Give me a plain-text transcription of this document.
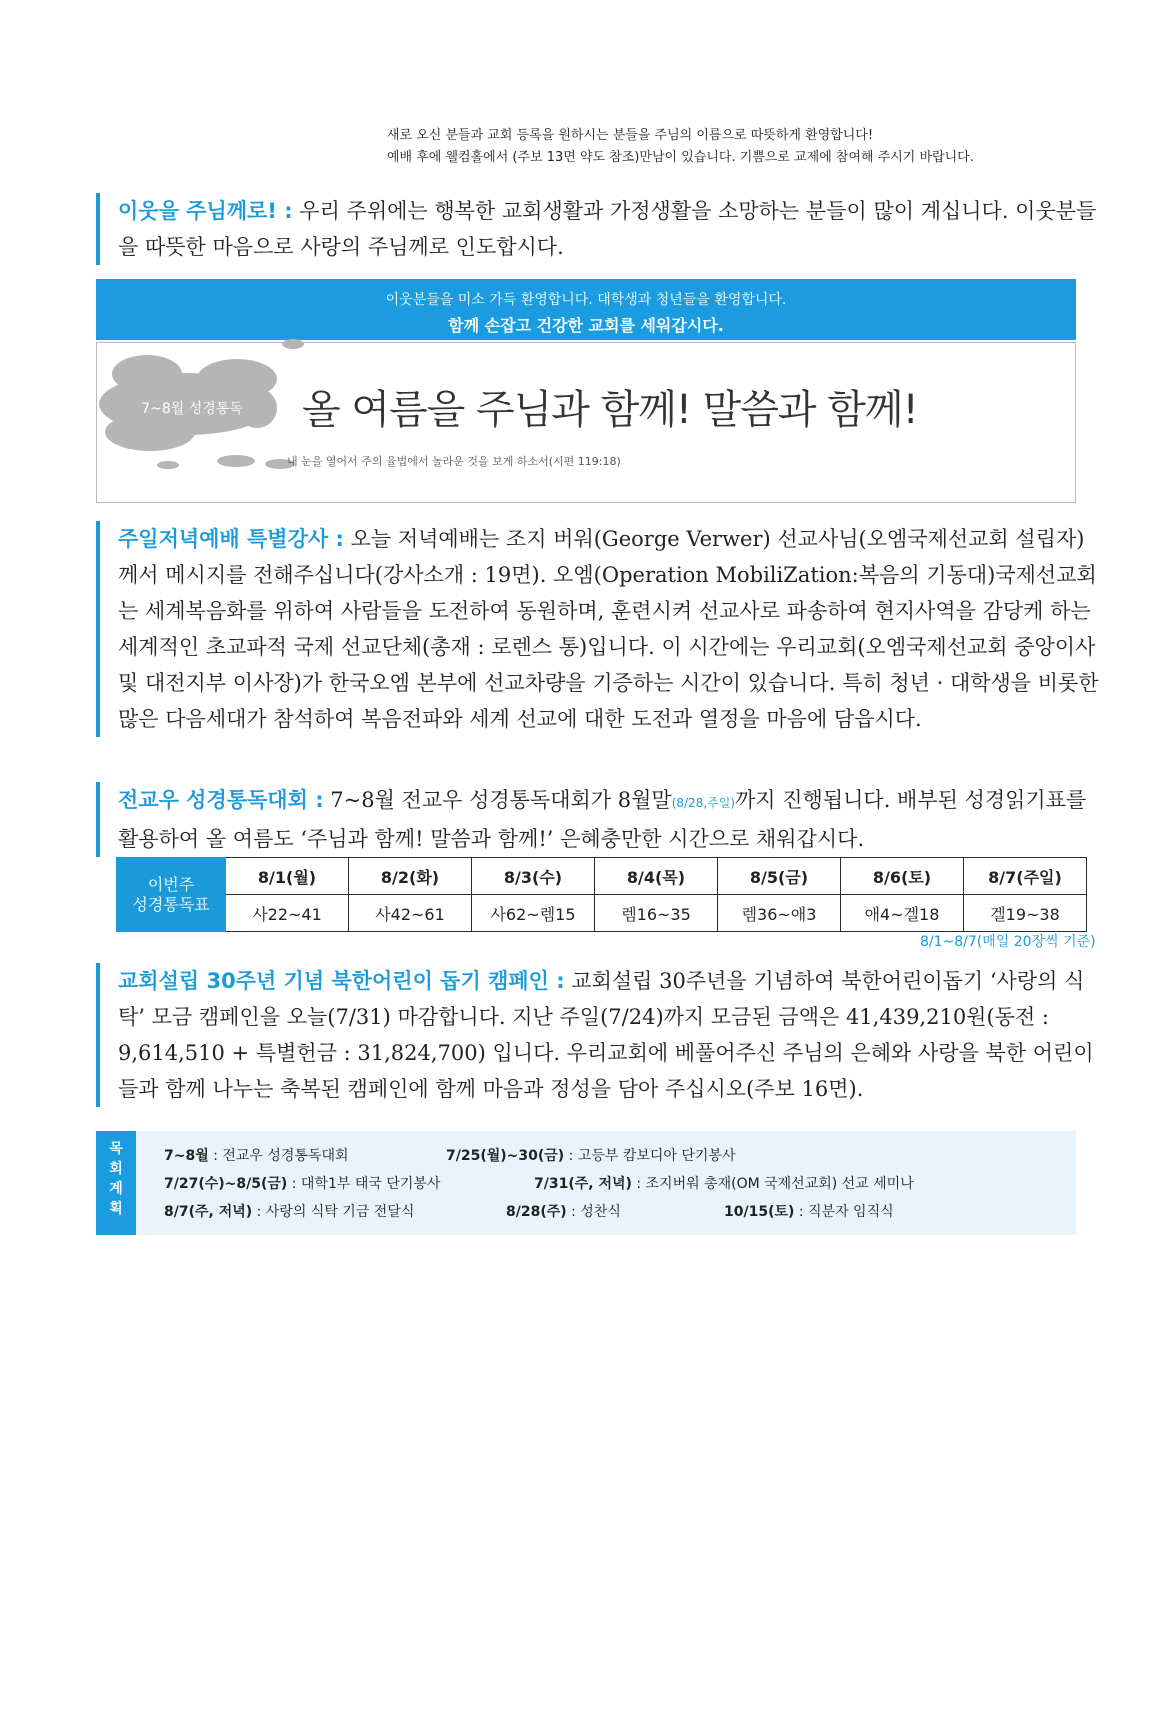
새로 오신 분들과 교회 등록을 원하시는 분들을 주님의 이름으로 따뜻하게 환영합니다!
예배 후에 웰컴홀에서 (주보 13면 약도 참조)만남이 있습니다. 기쁨으로 교제에 참여해 주시기 바랍니다.
이웃을 주님께로! : 우리 주위에는 행복한 교회생활과 가정생활을 소망하는 분들이 많이 계십니다. 이웃분들을 따뜻한 마음으로 사랑의 주님께로 인도합시다.
이웃분들을 미소 가득 환영합니다. 대학생과 청년들을 환영합니다.
함께 손잡고 건강한 교회를 세워갑시다.
7~8월 성경통독	올 여름을 주님과 함께! 말씀과 함께!
내 눈을 열어서 주의 율법에서 놀라운 것을 보게 하소서(시편 119:18)
주일저녁예배 특별강사 : 오늘 저녁예배는 조지 버워(George Verwer) 선교사님(오엠국제선교회 설립자)께서 메시지를 전해주십니다(강사소개 : 19면). 오엠(Operation MobiliZation:복음의 기동대)국제선교회는 세계복음화를 위하여 사람들을 도전하여 동원하며, 훈련시켜 선교사로 파송하여 현지사역을 감당케 하는 세계적인 초교파적 국제 선교단체(총재 : 로렌스 통)입니다. 이 시간에는 우리교회(오엠국제선교회 중앙이사 및 대전지부 이사장)가 한국오엠 본부에 선교차량을 기증하는 시간이 있습니다. 특히 청년 · 대학생을 비롯한 많은 다음세대가 참석하여 복음전파와 세계 선교에 대한 도전과 열정을 마음에 담읍시다.
전교우 성경통독대회 : 7~8월 전교우 성경통독대회가 8월말(8/28,주일)까지 진행됩니다. 배부된 성경읽기표를 활용하여 올 여름도 ‘주님과 함께! 말씀과 함께!’ 은혜충만한 시간으로 채워갑시다.
이번주
성경통독표	8/1(월)	8/2(화)	8/3(수)	8/4(목)	8/5(금)	8/6(토)	8/7(주일)
	사22~41	사42~61	사62~렘15	렘16~35	렘36~애3	애4~겔18	겔19~38
8/1~8/7(매일 20장씩 기준)
교회설립 30주년 기념 북한어린이 돕기 캠페인 : 교회설립 30주년을 기념하여 북한어린이돕기 ‘사랑의 식탁’ 모금 캠페인을 오늘(7/31) 마감합니다. 지난 주일(7/24)까지 모금된 금액은 41,439,210원(동전 : 9,614,510 + 특별헌금 : 31,824,700) 입니다. 우리교회에 베풀어주신 주님의 은혜와 사랑을 북한 어린이들과 함께 나누는 축복된 캠페인에 함께 마음과 정성을 담아 주십시오(주보 16면).
목
회
계
획
7~8월 : 전교우 성경통독대회	7/25(월)~30(금) : 고등부 캄보디아 단기봉사
7/27(수)~8/5(금) : 대학1부 태국 단기봉사	7/31(주, 저녁) : 조지버워 총재(OM 국제선교회) 선교 세미나
8/7(주, 저녁) : 사랑의 식탁 기금 전달식	8/28(주) : 성찬식	10/15(토) : 직분자 임직식
